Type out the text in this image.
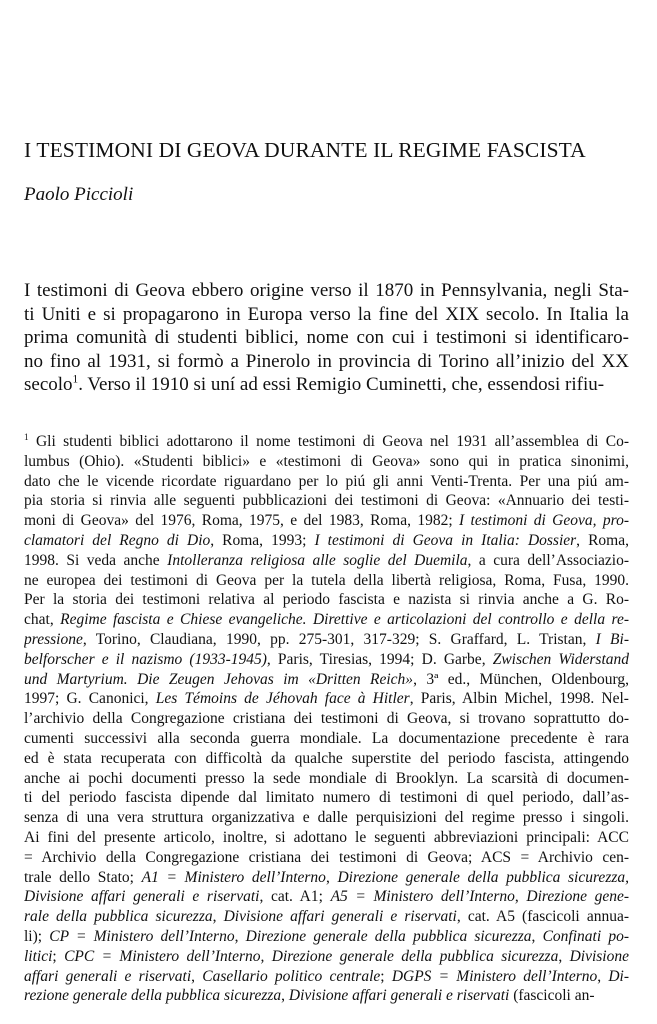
I TESTIMONI DI GEOVA DURANTE IL REGIME FASCISTA
Paolo Piccioli
I testimoni di Geova ebbero origine verso il 1870 in Pennsylvania, negli Sta-
ti Uniti e si propagarono in Europa verso la fine del XIX secolo. In Italia la
prima comunità di studenti biblici, nome con cui i testimoni si identificaro-
no fino al 1931, si formò a Pinerolo in provincia di Torino all’inizio del XX
secolo$^1$. Verso il 1910 si uní ad essi Remigio Cuminetti, che, essendosi rifiu-
$^1$ Gli studenti biblici adottarono il nome testimoni di Geova nel 1931 all’assemblea di Co-
lumbus (Ohio). «Studenti biblici» e «testimoni di Geova» sono qui in pratica sinonimi,
dato che le vicende ricordate riguardano per lo piú gli anni Venti-Trenta. Per una piú am-
pia storia si rinvia alle seguenti pubblicazioni dei testimoni di Geova: «Annuario dei testi-
moni di Geova» del 1976, Roma, 1975, e del 1983, Roma, 1982; I testimoni di Geova, pro-
clamatori del Regno di Dio, Roma, 1993; I testimoni di Geova in Italia: Dossier, Roma,
1998. Si veda anche Intolleranza religiosa alle soglie del Duemila, a cura dell’Associazio-
ne europea dei testimoni di Geova per la tutela della libertà religiosa, Roma, Fusa, 1990.
Per la storia dei testimoni relativa al periodo fascista e nazista si rinvia anche a G. Ro-
chat, Regime fascista e Chiese evangeliche. Direttive e articolazioni del controllo e della re-
pressione, Torino, Claudiana, 1990, pp. 275-301, 317-329; S. Graffard, L. Tristan, I Bi-
belforscher e il nazismo (1933-1945), Paris, Tiresias, 1994; D. Garbe, Zwischen Widerstand
und Martyrium. Die Zeugen Jehovas im «Dritten Reich», 3ª ed., München, Oldenbourg,
1997; G. Canonici, Les Témoins de Jéhovah face à Hitler, Paris, Albin Michel, 1998. Nel-
l’archivio della Congregazione cristiana dei testimoni di Geova, si trovano soprattutto do-
cumenti successivi alla seconda guerra mondiale. La documentazione precedente è rara
ed è stata recuperata con difficoltà da qualche superstite del periodo fascista, attingendo
anche ai pochi documenti presso la sede mondiale di Brooklyn. La scarsità di documen-
ti del periodo fascista dipende dal limitato numero di testimoni di quel periodo, dall’as-
senza di una vera struttura organizzativa e dalle perquisizioni del regime presso i singoli.
Ai fini del presente articolo, inoltre, si adottano le seguenti abbreviazioni principali: ACC
= Archivio della Congregazione cristiana dei testimoni di Geova; ACS = Archivio cen-
trale dello Stato; A1 = Ministero dell’Interno, Direzione generale della pubblica sicurezza,
Divisione affari generali e riservati, cat. A1; A5 = Ministero dell’Interno, Direzione gene-
rale della pubblica sicurezza, Divisione affari generali e riservati, cat. A5 (fascicoli annua-
li); CP = Ministero dell’Interno, Direzione generale della pubblica sicurezza, Confinati po-
litici; CPC = Ministero dell’Interno, Direzione generale della pubblica sicurezza, Divisione
affari generali e riservati, Casellario politico centrale; DGPS = Ministero dell’Interno, Di-
rezione generale della pubblica sicurezza, Divisione affari generali e riservati (fascicoli an-
